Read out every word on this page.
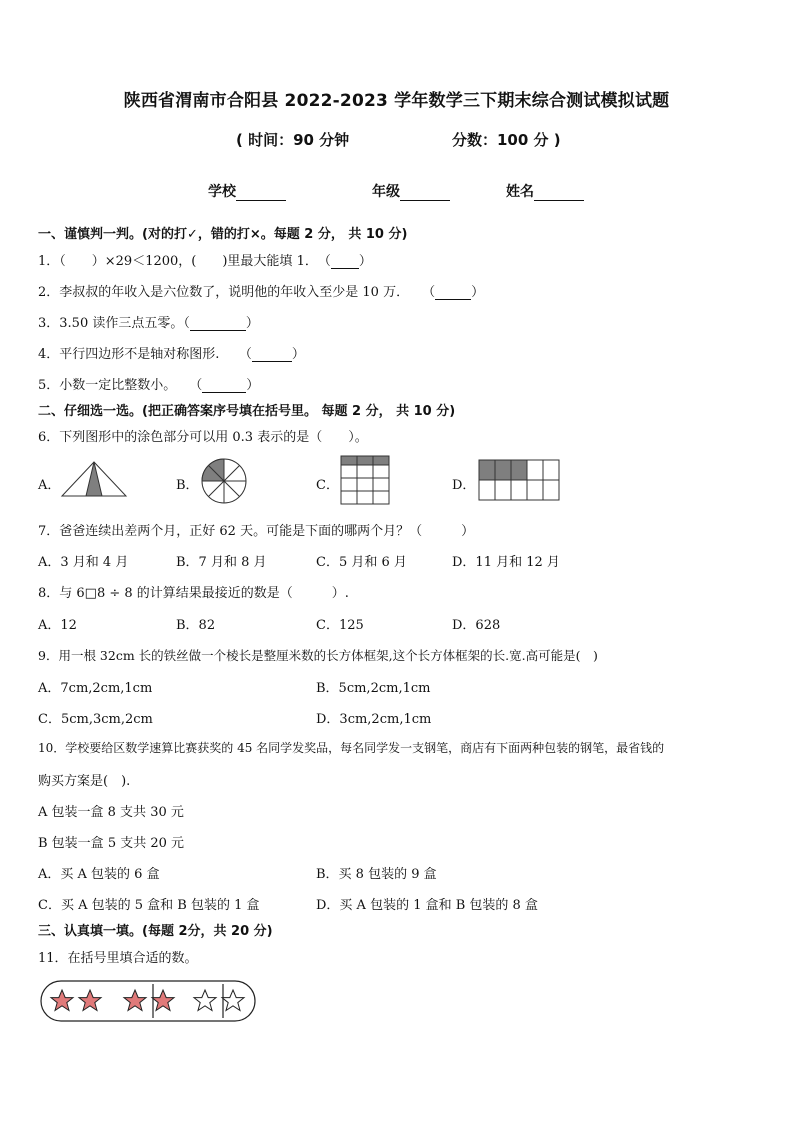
陕西省渭南市合阳县 2022-2023 学年数学三下期末综合测试模拟试题
( 时间：90 分钟	分数：100 分 )
学校	年级	姓名
一、谨慎判一判。(对的打✓，错的打×。每题 2 分， 共 10 分)
1．（　　）×29＜1200，(　　)里最大能填 1．　（ ）
2．李叔叔的年收入是六位数了，说明他的年收入至少是 10 万．　　（	）
3．3.50 读作三点五零。（	）
4．平行四边形不是轴对称图形.　　（	）
5．小数一定比整数小。　　（	）
二、仔细选一选。(把正确答案序号填在括号里。 每题 2 分， 共 10 分)
6．下列图形中的涂色部分可以用 0.3 表示的是（　　）。
A．	B．	C．	D．
7．爸爸连续出差两个月，正好 62 天。可能是下面的哪两个月？（　　　）
A．3 月和 4 月	B．7 月和 8 月	C．5 月和 6 月	D．11 月和 12 月
8．与 6□8 ÷ 8 的计算结果最接近的数是（　　　）.
A．12	B．82	C．125	D．628
9．用一根 32cm 长的铁丝做一个棱长是整厘米数的长方体框架,这个长方体框架的长.宽.高可能是(　)
A．7cm,2cm,1cm	B．5cm,2cm,1cm
C．5cm,3cm,2cm	D．3cm,2cm,1cm
10．学校要给区数学速算比赛获奖的 45 名同学发奖品，每名同学发一支钢笔，商店有下面两种包装的钢笔，最省钱的
购买方案是(　).
A 包装一盒 8 支共 30 元
B 包装一盒 5 支共 20 元
A．买 A 包装的 6 盒	B．买 8 包装的 9 盒
C．买 A 包装的 5 盒和 B 包装的 1 盒	D．买 A 包装的 1 盒和 B 包装的 8 盒
三、认真填一填。(每题 2分，共 20 分)
11．在括号里填合适的数。
